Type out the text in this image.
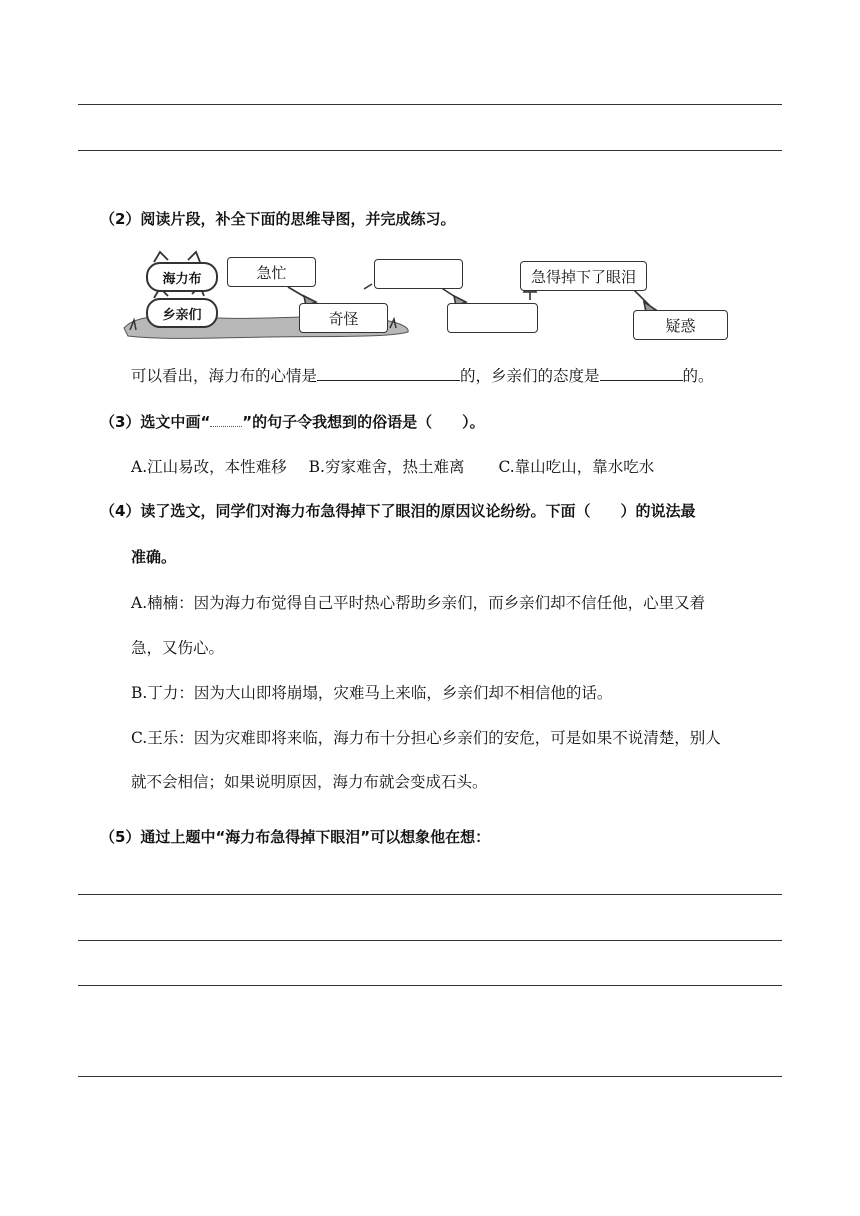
（2）阅读片段，补全下面的思维导图，并完成练习。
海力布
乡亲们
急忙
奇怪
急得掉下了眼泪
疑惑
可以看出，海力布的心情是	的，乡亲们的态度是	的。
（3）选文中画“ ”的句子令我想到的俗语是（　　）。
A.江山易改，本性难移 B.穷家难舍，热土难离 C.靠山吃山，靠水吃水
（4）读了选文，同学们对海力布急得掉下了眼泪的原因议论纷纷。下面（　　）的说法最
准确。
A.楠楠：因为海力布觉得自己平时热心帮助乡亲们，而乡亲们却不信任他，心里又着
急，又伤心。
B.丁力：因为大山即将崩塌，灾难马上来临，乡亲们却不相信他的话。
C.王乐：因为灾难即将来临，海力布十分担心乡亲们的安危，可是如果不说清楚，别人
就不会相信；如果说明原因，海力布就会变成石头。
（5）通过上题中“海力布急得掉下眼泪”可以想象他在想：
